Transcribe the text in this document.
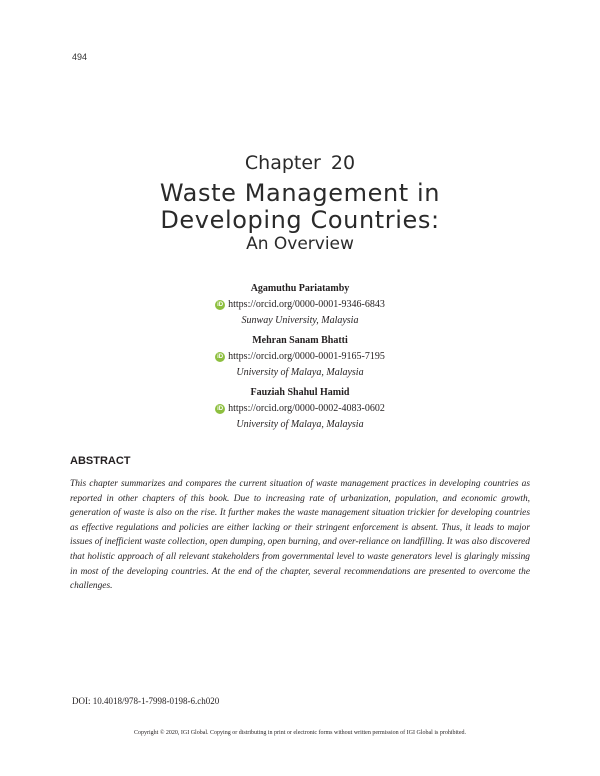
494
Chapter 20
Waste Management in
Developing Countries:
An Overview
Agamuthu Pariatamby
iD https://orcid.org/0000-0001-9346-6843
Sunway University, Malaysia
Mehran Sanam Bhatti
iD https://orcid.org/0000-0001-9165-7195
University of Malaya, Malaysia
Fauziah Shahul Hamid
iD https://orcid.org/0000-0002-4083-0602
University of Malaya, Malaysia
ABSTRACT

This chapter summarizes and compares the current situation of waste management practices in developing countries as reported in other chapters of this book. Due to increasing rate of urbanization, population, and economic growth, generation of waste is also on the rise. It further makes the waste management situation trickier for developing countries as effective regulations and policies are either lacking or their stringent enforcement is absent. Thus, it leads to major issues of inefficient waste collection, open dumping, open burning, and over-reliance on landfilling. It was also discovered that holistic approach of all relevant stakeholders from governmental level to waste generators level is glaringly missing in most of the developing countries. At the end of the chapter, several recommendations are presented to overcome the challenges.

DOI: 10.4018/978-1-7998-0198-6.ch020
Copyright © 2020, IGI Global. Copying or distributing in print or electronic forms without written permission of IGI Global is prohibited.
